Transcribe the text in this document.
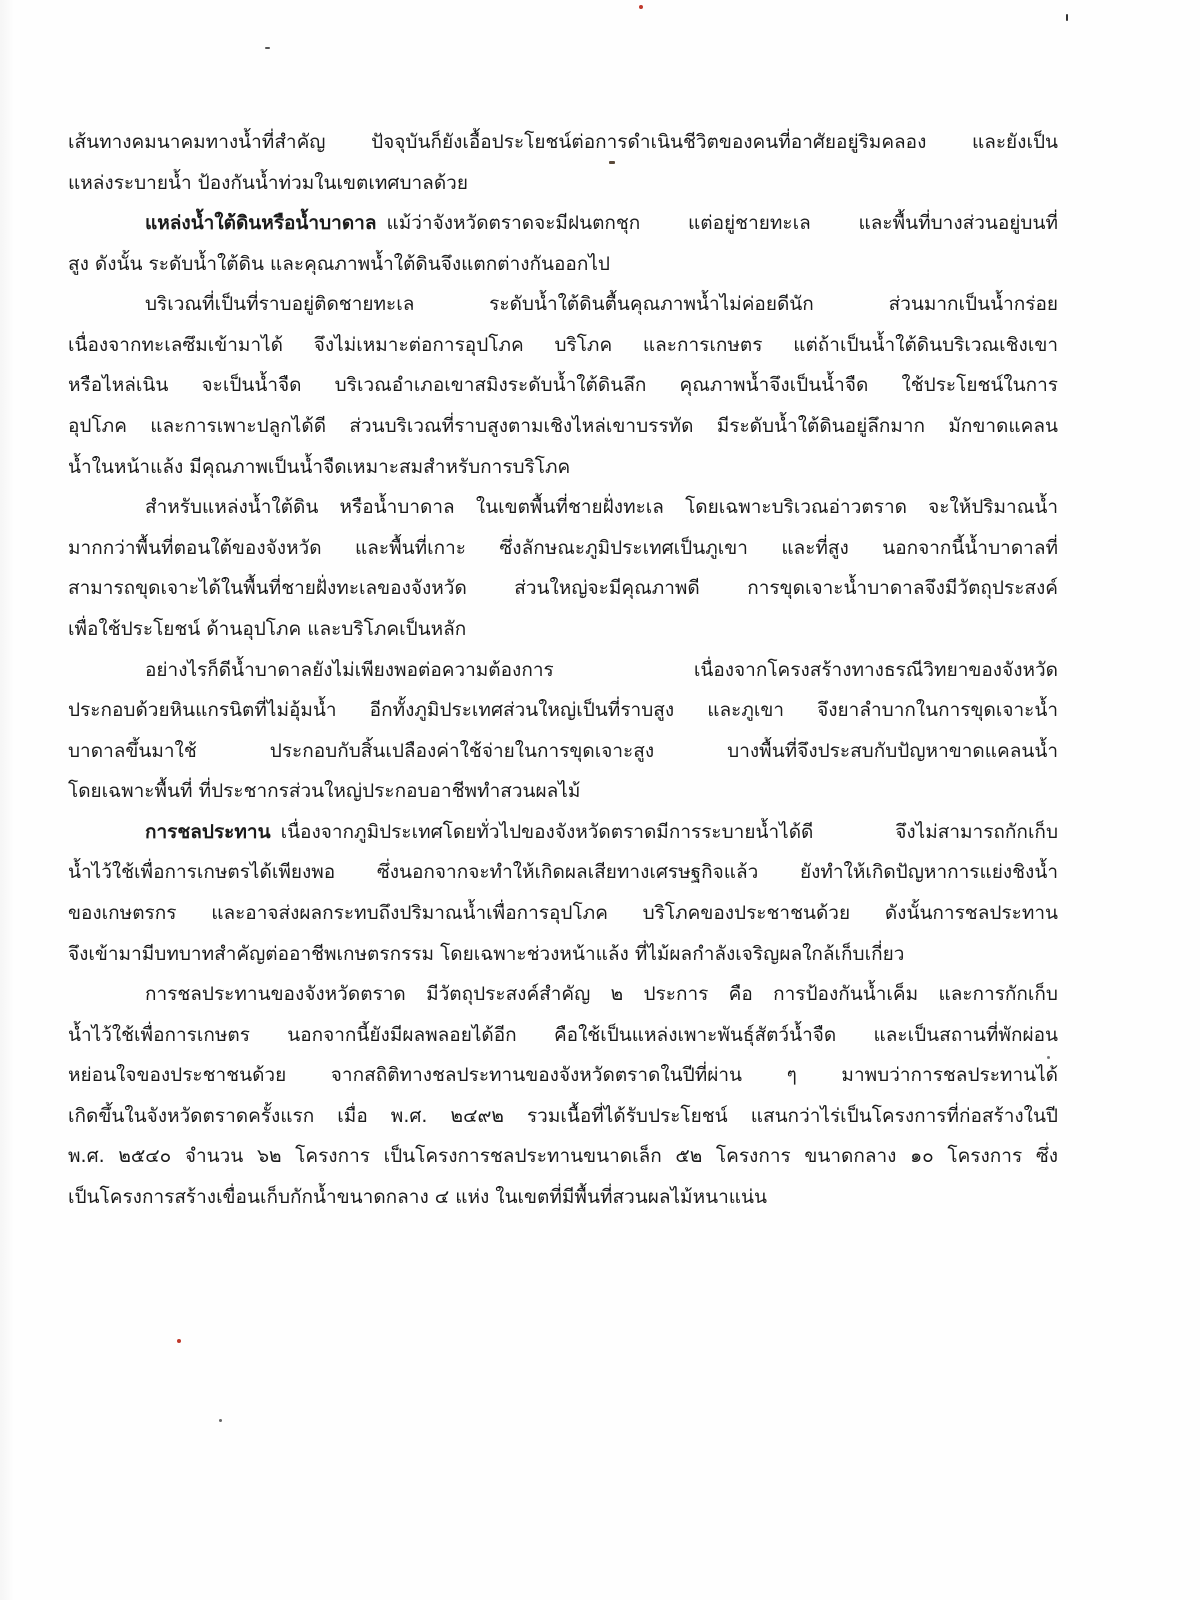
เส้นทางคมนาคมทางน้ำที่สำคัญ ปัจจุบันก็ยังเอื้อประโยชน์ต่อการดำเนินชีวิตของคนที่อาศัยอยู่ริมคลอง และยังเป็น
แหล่งระบายน้ำ ป้องกันน้ำท่วมในเขตเทศบาลด้วย
แหล่งน้ำใต้ดินหรือน้ำบาดาล แม้ว่าจังหวัดตราดจะมีฝนตกชุก แต่อยู่ชายทะเล และพื้นที่บางส่วนอยู่บนที่
สูง ดังนั้น ระดับน้ำใต้ดิน และคุณภาพน้ำใต้ดินจึงแตกต่างกันออกไป
บริเวณที่เป็นที่ราบอยู่ติดชายทะเล ระดับน้ำใต้ดินตื้นคุณภาพน้ำไม่ค่อยดีนัก ส่วนมากเป็นน้ำกร่อย
เนื่องจากทะเลซึมเข้ามาได้ จึงไม่เหมาะต่อการอุปโภค บริโภค และการเกษตร แต่ถ้าเป็นน้ำใต้ดินบริเวณเชิงเขา
หรือไหล่เนิน จะเป็นน้ำจืด บริเวณอำเภอเขาสมิงระดับน้ำใต้ดินลึก คุณภาพน้ำจึงเป็นน้ำจืด ใช้ประโยชน์ในการ
อุปโภค และการเพาะปลูกได้ดี ส่วนบริเวณที่ราบสูงตามเชิงไหล่เขาบรรทัด มีระดับน้ำใต้ดินอยู่ลึกมาก มักขาดแคลน
น้ำในหน้าแล้ง มีคุณภาพเป็นน้ำจืดเหมาะสมสำหรับการบริโภค
สำหรับแหล่งน้ำใต้ดิน หรือน้ำบาดาล ในเขตพื้นที่ชายฝั่งทะเล โดยเฉพาะบริเวณอ่าวตราด จะให้ปริมาณน้ำ
มากกว่าพื้นที่ตอนใต้ของจังหวัด และพื้นที่เกาะ ซึ่งลักษณะภูมิประเทศเป็นภูเขา และที่สูง นอกจากนี้น้ำบาดาลที่
สามารถขุดเจาะได้ในพื้นที่ชายฝั่งทะเลของจังหวัด ส่วนใหญ่จะมีคุณภาพดี การขุดเจาะน้ำบาดาลจึงมีวัตถุประสงค์
เพื่อใช้ประโยชน์ ด้านอุปโภค และบริโภคเป็นหลัก
อย่างไรก็ดีน้ำบาดาลยังไม่เพียงพอต่อความต้องการ เนื่องจากโครงสร้างทางธรณีวิทยาของจังหวัด
ประกอบด้วยหินแกรนิตที่ไม่อุ้มน้ำ อีกทั้งภูมิประเทศส่วนใหญ่เป็นที่ราบสูง และภูเขา จึงยาลำบากในการขุดเจาะน้ำ
บาดาลขึ้นมาใช้ ประกอบกับสิ้นเปลืองค่าใช้จ่ายในการขุดเจาะสูง บางพื้นที่จึงประสบกับปัญหาขาดแคลนน้ำ
โดยเฉพาะพื้นที่ ที่ประชากรส่วนใหญ่ประกอบอาชีพทำสวนผลไม้
การชลประทาน เนื่องจากภูมิประเทศโดยทั่วไปของจังหวัดตราดมีการระบายน้ำได้ดี จึงไม่สามารถกักเก็บ
น้ำไว้ใช้เพื่อการเกษตรได้เพียงพอ ซึ่งนอกจากจะทำให้เกิดผลเสียทางเศรษฐกิจแล้ว ยังทำให้เกิดปัญหาการแย่งชิงน้ำ
ของเกษตรกร และอาจส่งผลกระทบถึงปริมาณน้ำเพื่อการอุปโภค บริโภคของประชาชนด้วย ดังนั้นการชลประทาน
จึงเข้ามามีบทบาทสำคัญต่ออาชีพเกษตรกรรม โดยเฉพาะช่วงหน้าแล้ง ที่ไม้ผลกำลังเจริญผลใกล้เก็บเกี่ยว
การชลประทานของจังหวัดตราด มีวัตถุประสงค์สำคัญ ๒ ประการ คือ การป้องกันน้ำเค็ม และการกักเก็บ
น้ำไว้ใช้เพื่อการเกษตร นอกจากนี้ยังมีผลพลอยได้อีก คือใช้เป็นแหล่งเพาะพันธุ์สัตว์น้ำจืด และเป็นสถานที่พักผ่อน
หย่อนใจของประชาชนด้วย จากสถิติทางชลประทานของจังหวัดตราดในปีที่ผ่าน ๆ มาพบว่าการชลประทานได้
เกิดขึ้นในจังหวัดตราดครั้งแรก เมื่อ พ.ศ. ๒๔๙๒ รวมเนื้อที่ได้รับประโยชน์ แสนกว่าไร่เป็นโครงการที่ก่อสร้างในปี
พ.ศ. ๒๕๔๐ จำนวน ๖๒ โครงการ เป็นโครงการชลประทานขนาดเล็ก ๕๒ โครงการ ขนาดกลาง ๑๐ โครงการ ซึ่ง
เป็นโครงการสร้างเขื่อนเก็บกักน้ำขนาดกลาง ๔ แห่ง ในเขตที่มีพื้นที่สวนผลไม้หนาแน่น
